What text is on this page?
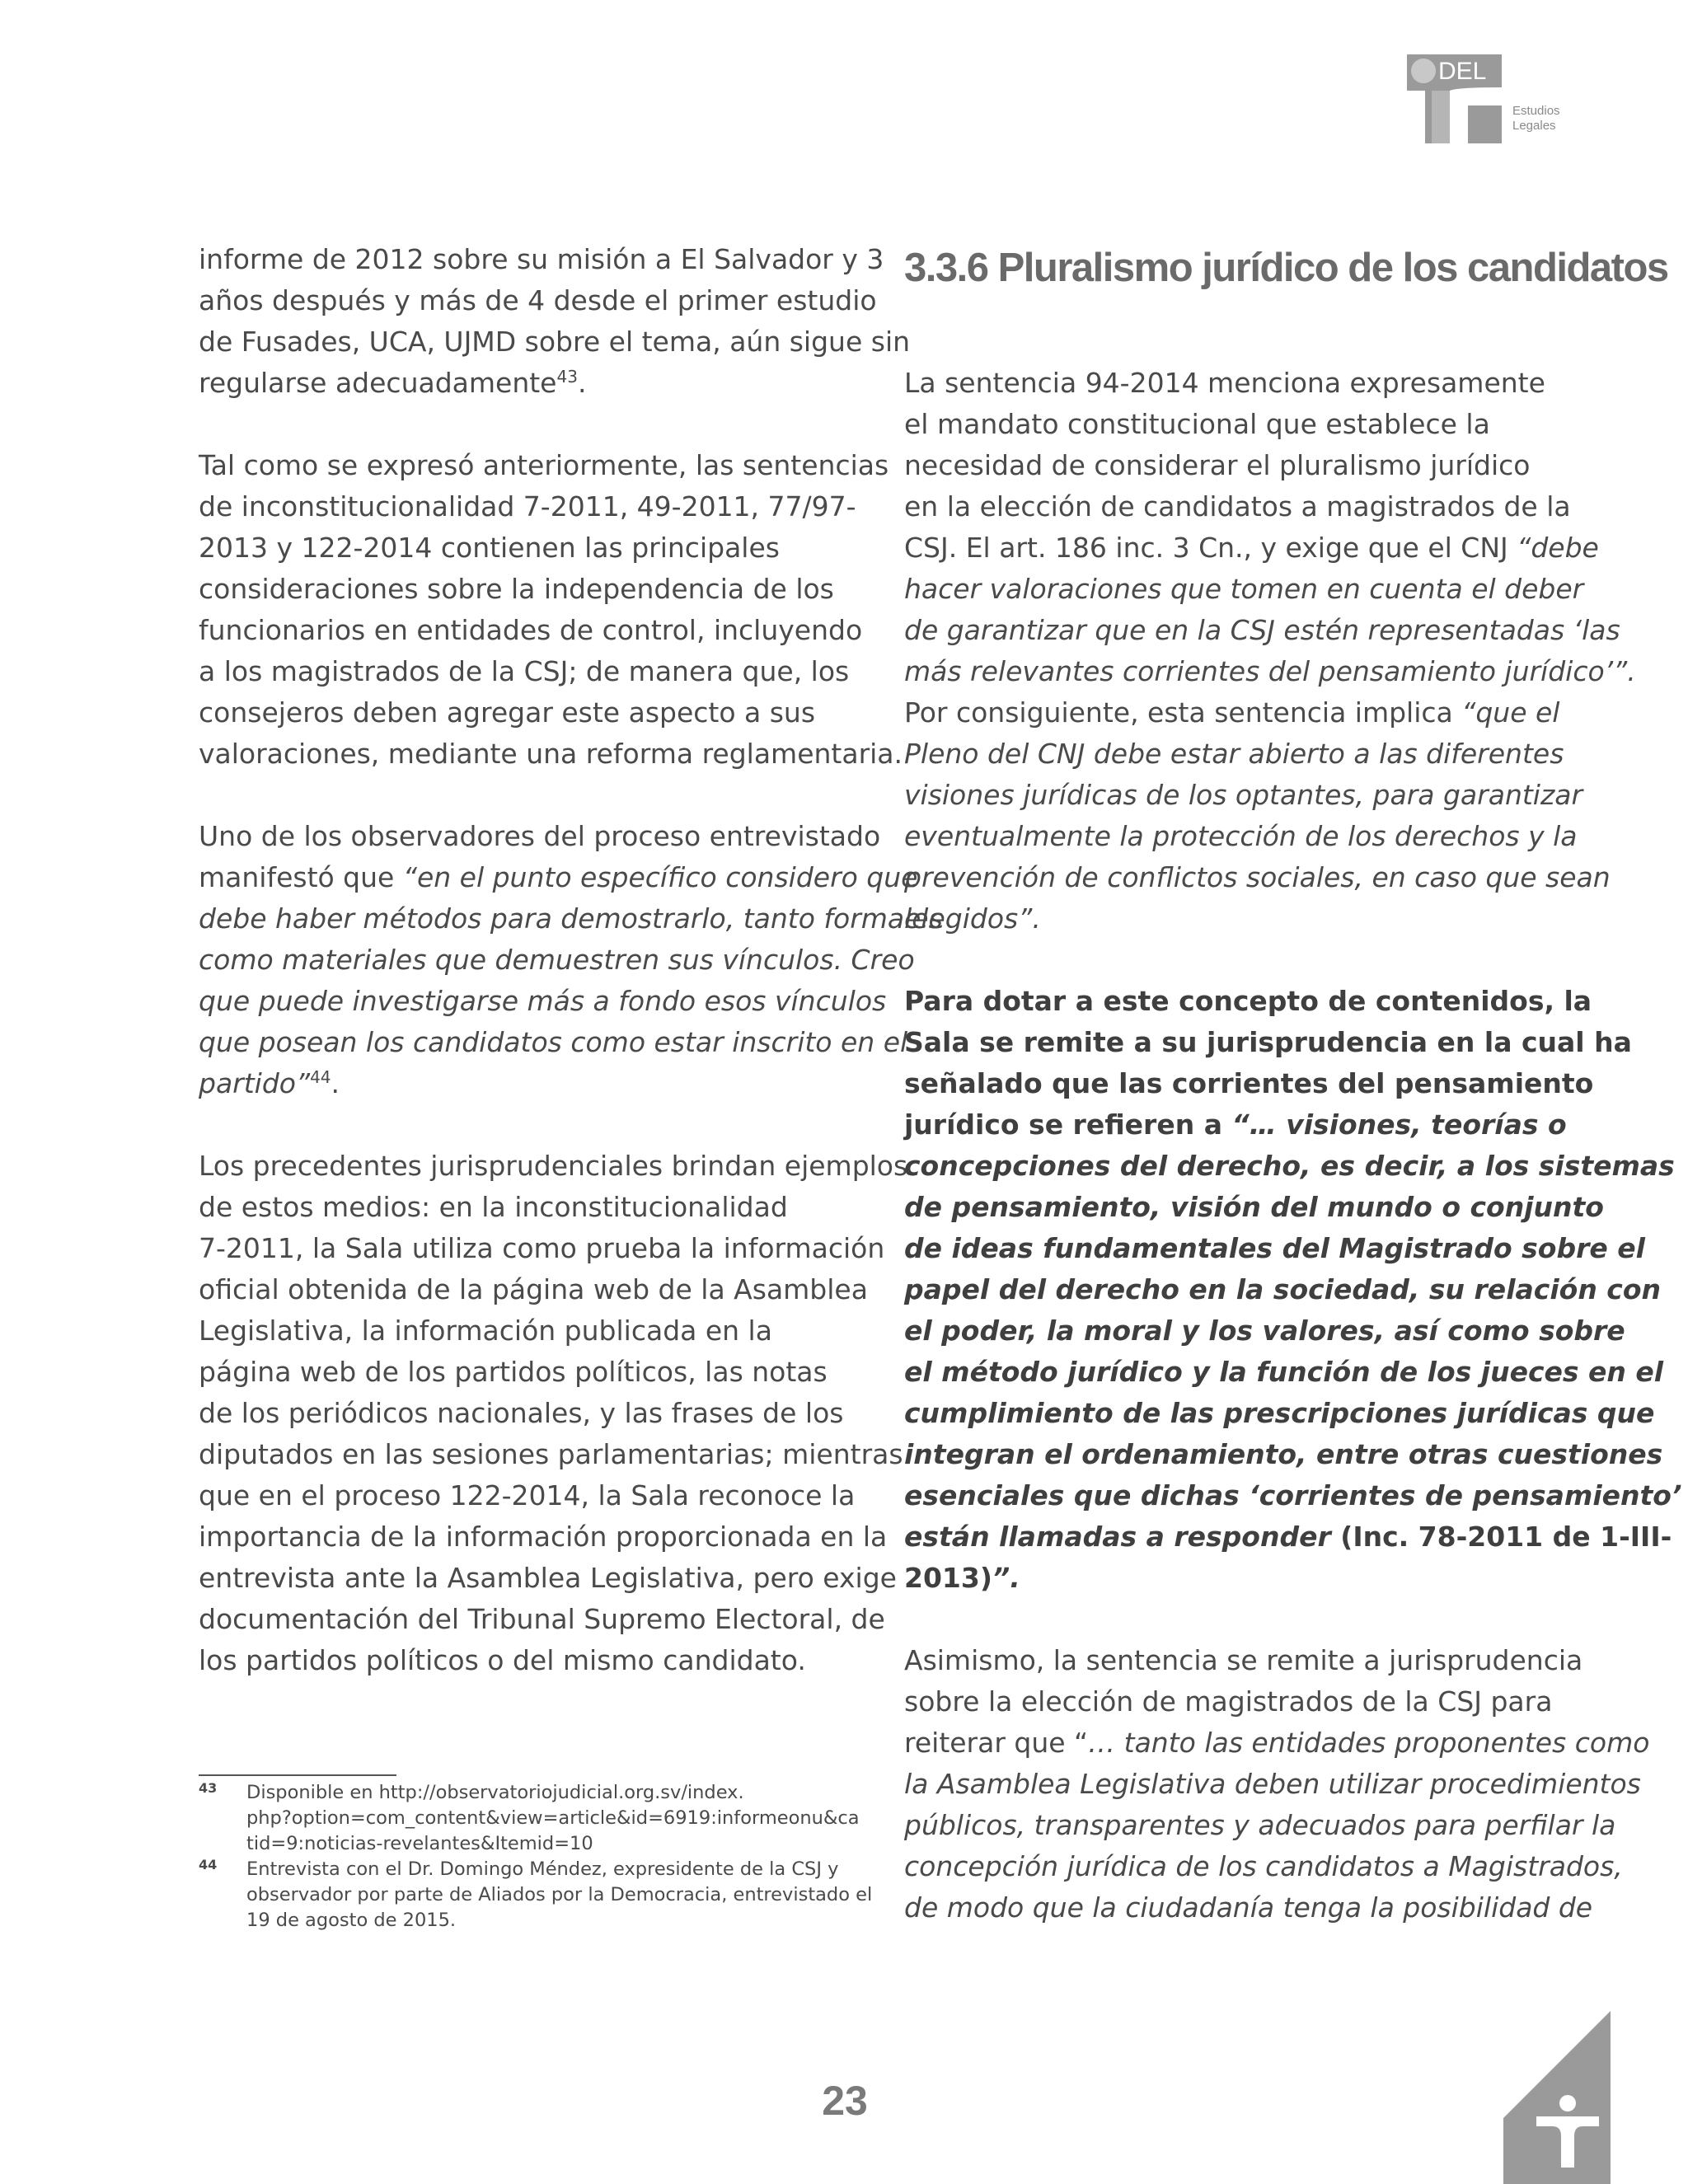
DEL
Estudios
Legales

informe de 2012 sobre su misión a El Salvador y 3

años después y más de 4 desde el primer estudio

de Fusades, UCA, UJMD sobre el tema, aún sigue sin

regularse adecuadamente$^{43}$.

Tal como se expresó anteriormente, las sentencias

de inconstitucionalidad 7-2011, 49-2011, 77/97-

2013 y 122-2014 contienen las principales

consideraciones sobre la independencia de los

funcionarios en entidades de control, incluyendo

a los magistrados de la CSJ; de manera que, los

consejeros deben agregar este aspecto a sus

valoraciones, mediante una reforma reglamentaria.

Uno de los observadores del proceso entrevistado

manifestó que “en el punto específico considero que

debe haber métodos para demostrarlo, tanto formales

como materiales que demuestren sus vínculos. Creo

que puede investigarse más a fondo esos vínculos

que posean los candidatos como estar inscrito en el

partido”$^{44}$.

Los precedentes jurisprudenciales brindan ejemplos

de estos medios: en la inconstitucionalidad

7-2011, la Sala utiliza como prueba la información

oficial obtenida de la página web de la Asamblea

Legislativa, la información publicada en la

página web de los partidos políticos, las notas

de los periódicos nacionales, y las frases de los

diputados en las sesiones parlamentarias; mientras

que en el proceso 122-2014, la Sala reconoce la

importancia de la información proporcionada en la

entrevista ante la Asamblea Legislativa, pero exige

documentación del Tribunal Supremo Electoral, de

los partidos políticos o del mismo candidato.

43 Disponible en http://observatoriojudicial.org.sv/index.

php?option=com_content&view=article&id=6919:informeonu&ca

tid=9:noticias-revelantes&Itemid=10

44 Entrevista con el Dr. Domingo Méndez, expresidente de la CSJ y

observador por parte de Aliados por la Democracia, entrevistado el

19 de agosto de 2015.

3.3.6 Pluralismo jurídico de los candidatos

La sentencia 94-2014 menciona expresamente

el mandato constitucional que establece la

necesidad de considerar el pluralismo jurídico

en la elección de candidatos a magistrados de la

CSJ. El art. 186 inc. 3 Cn., y exige que el CNJ “debe

hacer valoraciones que tomen en cuenta el deber

de garantizar que en la CSJ estén representadas ‘las

más relevantes corrientes del pensamiento jurídico’”.

Por consiguiente, esta sentencia implica “que el

Pleno del CNJ debe estar abierto a las diferentes

visiones jurídicas de los optantes, para garantizar

eventualmente la protección de los derechos y la

prevención de conflictos sociales, en caso que sean

elegidos”.

Para dotar a este concepto de contenidos, la

Sala se remite a su jurisprudencia en la cual ha

señalado que las corrientes del pensamiento

jurídico se refieren a “… visiones, teorías o

concepciones del derecho, es decir, a los sistemas

de pensamiento, visión del mundo o conjunto

de ideas fundamentales del Magistrado sobre el

papel del derecho en la sociedad, su relación con

el poder, la moral y los valores, así como sobre

el método jurídico y la función de los jueces en el

cumplimiento de las prescripciones jurídicas que

integran el ordenamiento, entre otras cuestiones

esenciales que dichas ‘corrientes de pensamiento’

están llamadas a responder (Inc. 78-2011 de 1-III-

2013)”.

Asimismo, la sentencia se remite a jurisprudencia

sobre la elección de magistrados de la CSJ para

reiterar que “… tanto las entidades proponentes como

la Asamblea Legislativa deben utilizar procedimientos

públicos, transparentes y adecuados para perfilar la

concepción jurídica de los candidatos a Magistrados,

de modo que la ciudadanía tenga la posibilidad de

23
